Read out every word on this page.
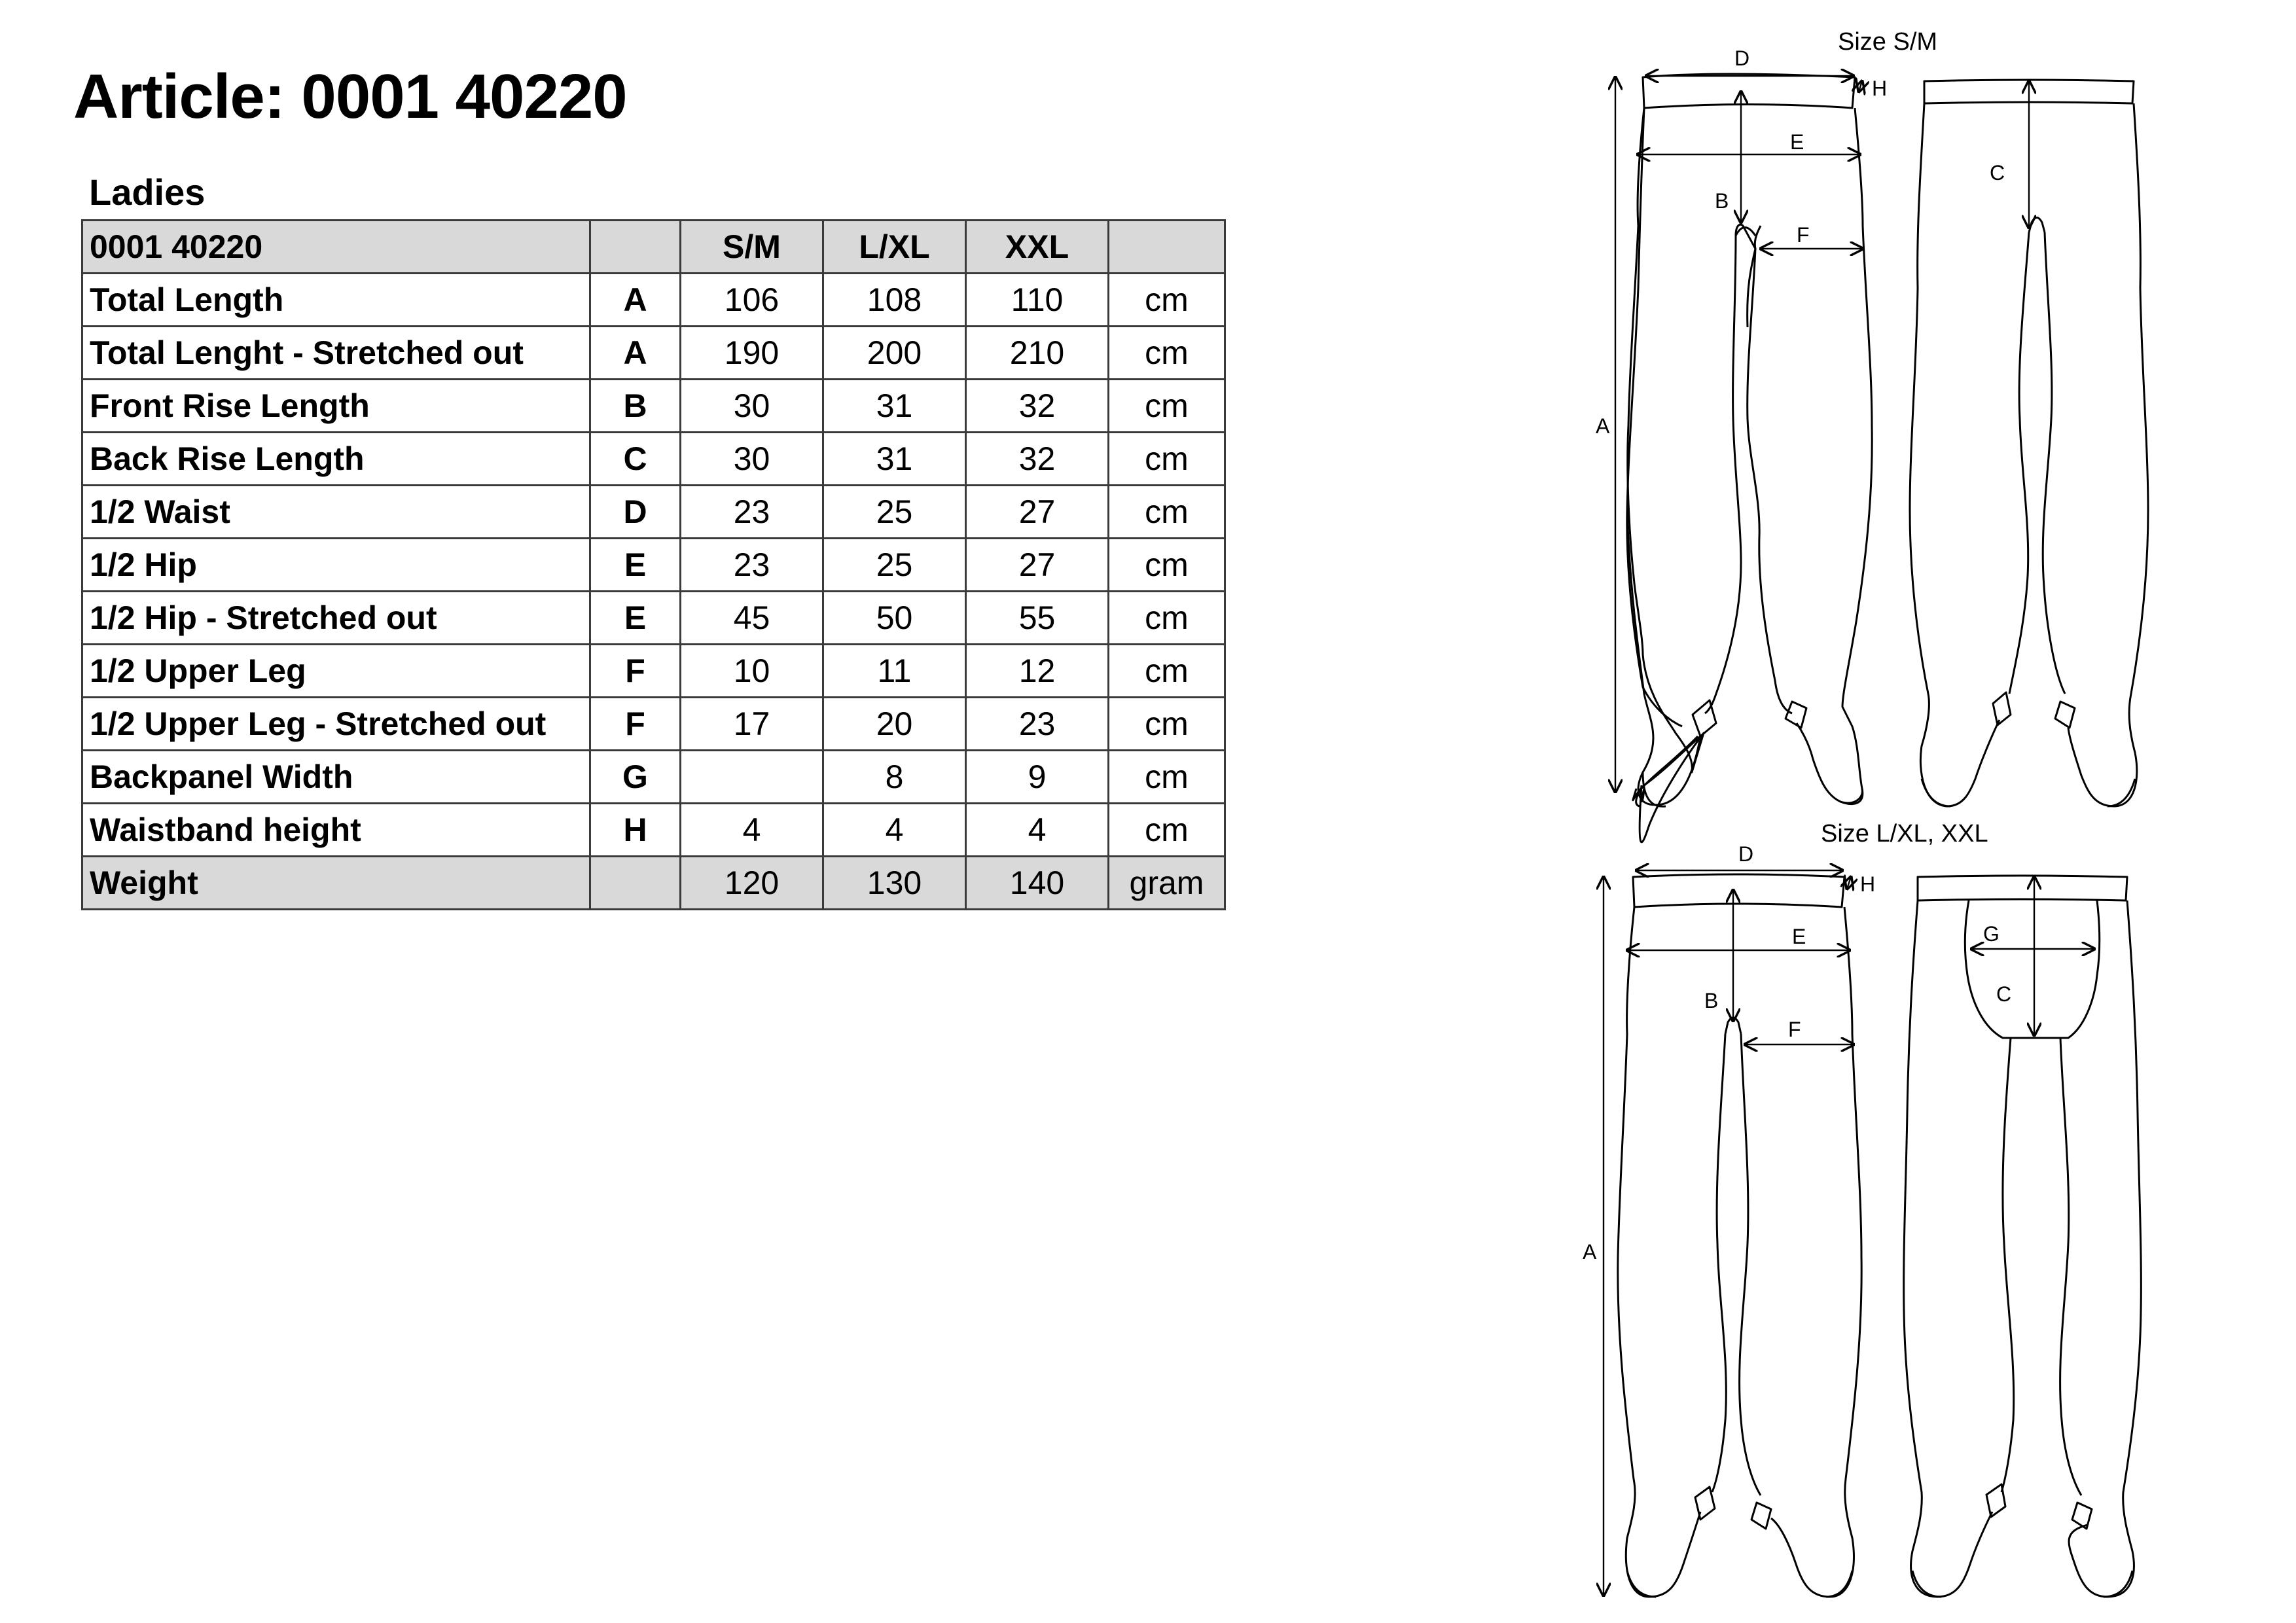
Article: 0001 40220
Ladies
0001 40220		S/M	L/XL	XXL	
Total Length	A	106	108	110	cm
Total Lenght - Stretched out	A	190	200	210	cm
Front Rise Length	B	30	31	32	cm
Back Rise Length	C	30	31	32	cm
1/2 Waist	D	23	25	27	cm
1/2 Hip	E	23	25	27	cm
1/2 Hip - Stretched out	E	45	50	55	cm
1/2 Upper Leg	F	10	11	12	cm
1/2 Upper Leg - Stretched out	F	17	20	23	cm
Backpanel Width	G		8	9	cm
Waistband height	H	4	4	4	cm
Weight		120	130	140	gram
Size S/M
D
H
E
B
F
A
C
Size L/XL, XXL
D
H
E
B
F
A
G
C
